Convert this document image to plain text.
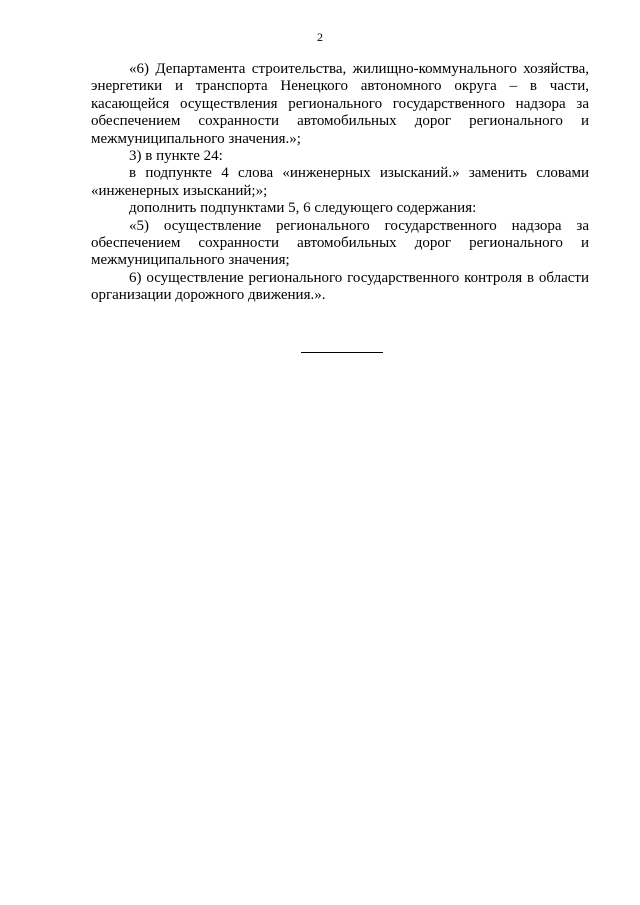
2

«6) Департамента строительства, жилищно-коммунального хозяйства, энергетики и транспорта Ненецкого автономного округа – в части, касающейся осуществления регионального государственного надзора за обеспечением сохранности автомобильных дорог регионального и межмуниципального значения.»;

3) в пункте 24:

в подпункте 4 слова «инженерных изысканий.» заменить словами «инженерных изысканий;»;

дополнить подпунктами 5, 6 следующего содержания:

«5) осуществление регионального государственного надзора за обеспечением сохранности автомобильных дорог регионального и межмуниципального значения;

6) осуществление регионального государственного контроля в области организации дорожного движения.».
